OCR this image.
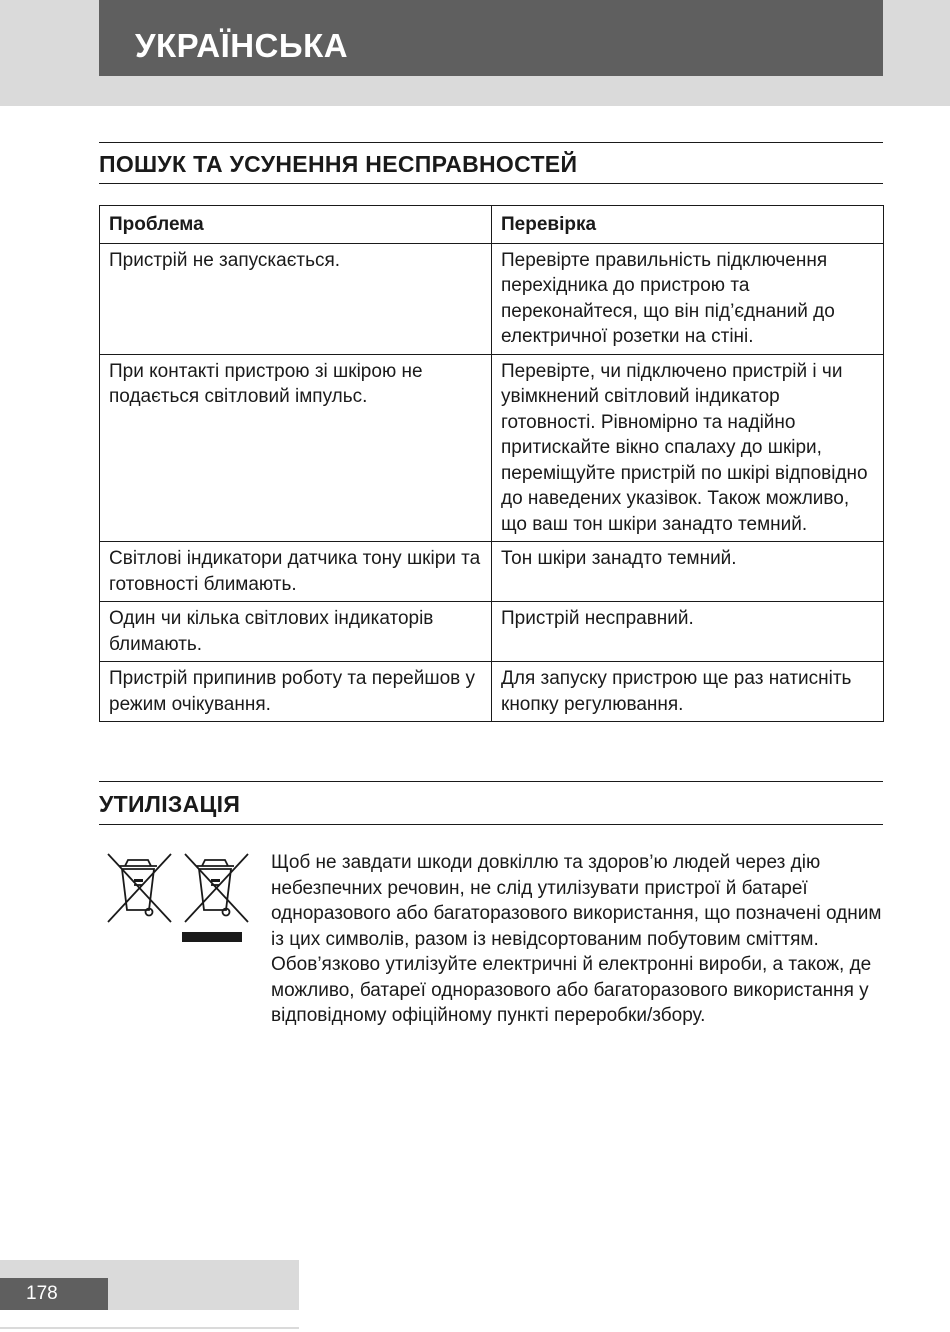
УКРАЇНСЬКА
ПОШУК ТА УСУНЕННЯ НЕСПРАВНОСТЕЙ
Проблема	Перевірка
Пристрій не запускається.	Перевірте правильність підключення перехідника до пристрою та переконайтеся, що він під’єднаний до електричної розетки на стіні.
При контакті пристрою зі шкірою не подається світловий імпульс.	Перевірте, чи підключено пристрій і чи увімкнений світловий індикатор готовності. Рівномірно та надійно притискайте вікно спалаху до шкіри, переміщуйте пристрій по шкірі відповідно до наведених указівок. Також можливо, що ваш тон шкіри занадто темний.
Світлові індикатори датчика тону шкіри та готовності блимають.	Тон шкіри занадто темний.
Один чи кілька світлових індикаторів блимають.	Пристрій несправний.
Пристрій припинив роботу та перейшов у режим очікування.	Для запуску пристрою ще раз натисніть кнопку регулювання.
УТИЛІЗАЦІЯ
Щоб не завдати шкоди довкіллю та здоров’ю людей через дію небезпечних речовин, не слід утилізувати пристрої й батареї одноразового або багаторазового використання, що позначені одним із цих символів, разом із невідсортованим побутовим сміттям. Обов’язково утилізуйте електричні й електронні вироби, а також, де можливо, батареї одноразового або багаторазового використання у відповідному офіційному пункті переробки/збору.
178
